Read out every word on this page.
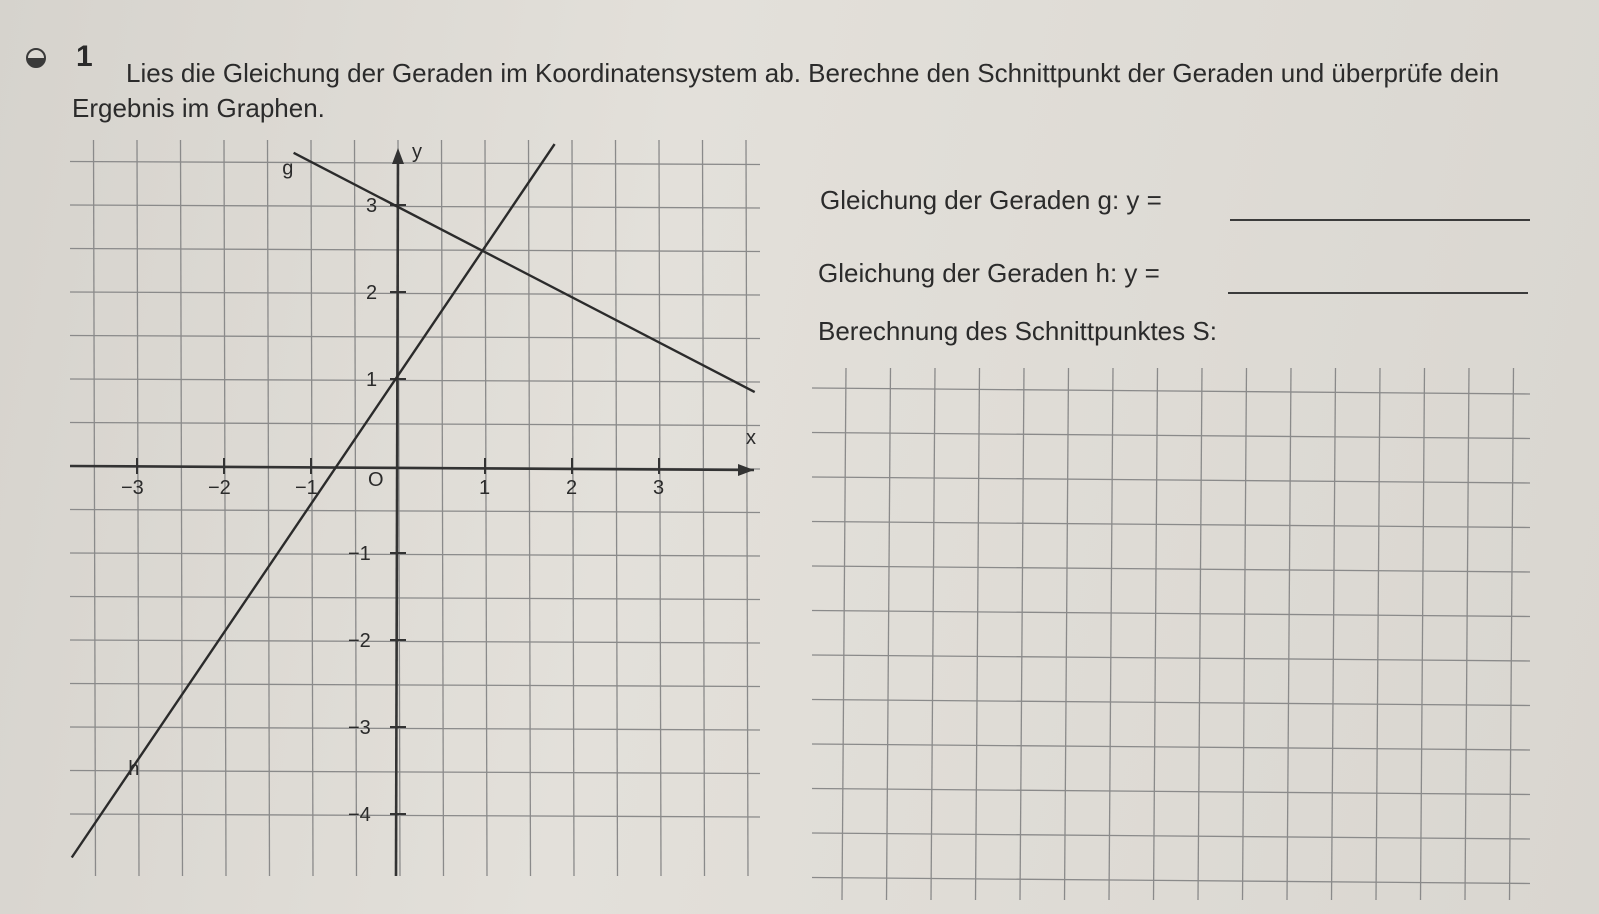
1	Lies die Gleichung der Geraden im Koordinatensystem ab. Berechne den Schnittpunkt der Geraden und überprüfe dein Ergebnis im Graphen.
x
y
O
−3	−2	−1	1	2	3
3
2
1
−1
−2
−3
−4
g
h
Gleichung der Geraden g: y =
Gleichung der Geraden h: y =
Berechnung des Schnittpunktes S:
